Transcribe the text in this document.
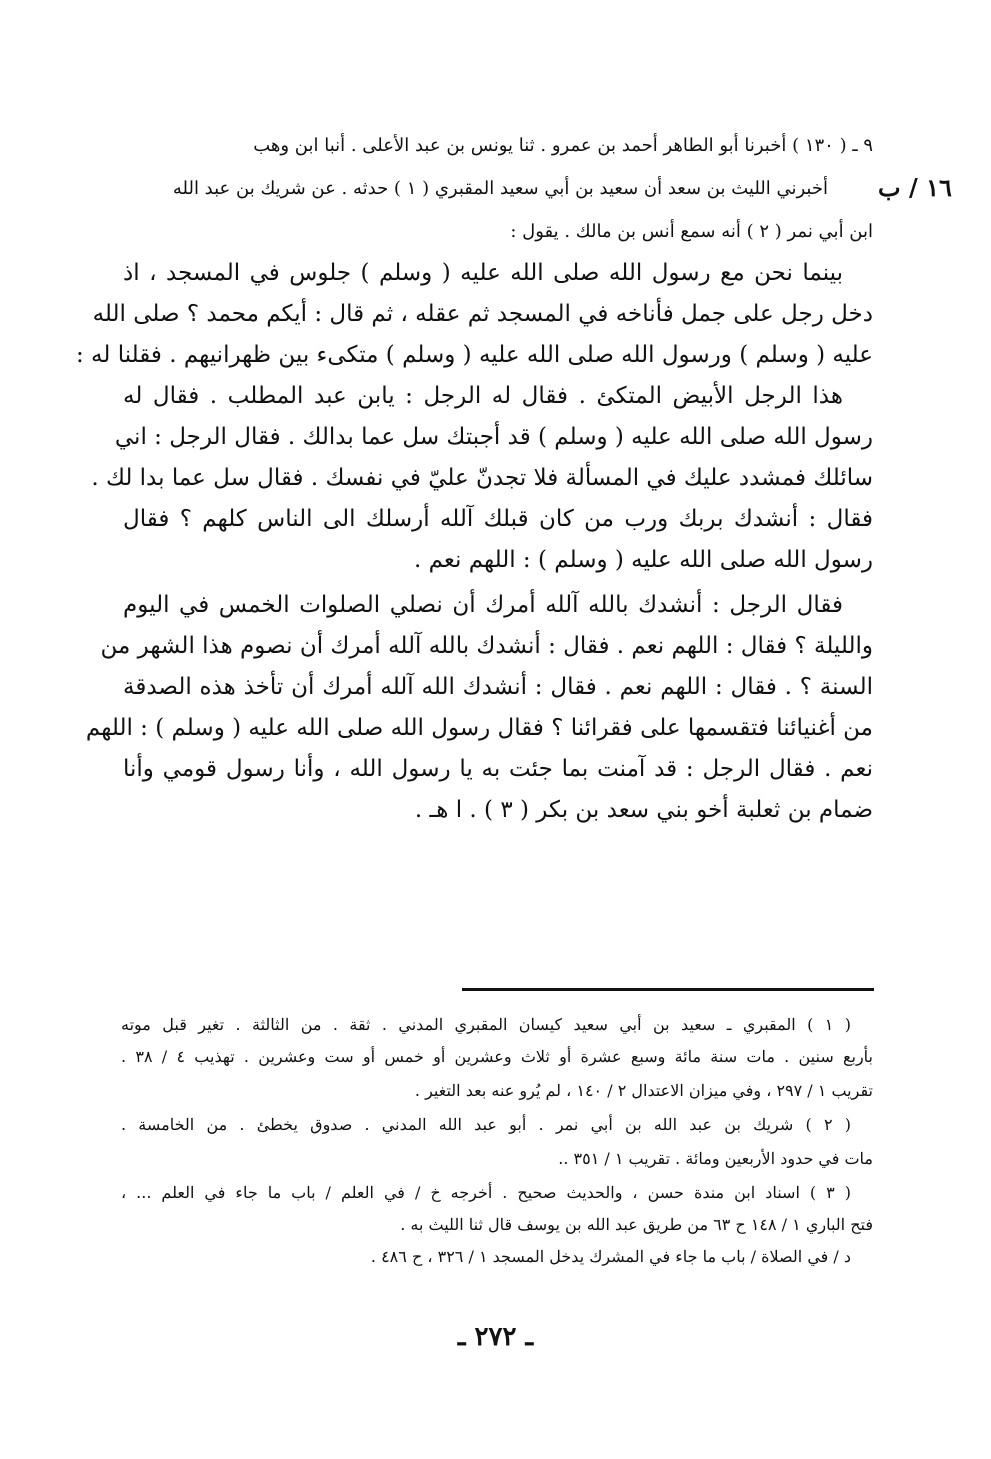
١٦ / ب
٩ ـ ( ١٣٠ ) أخبرنا أبو الطاهر أحمد بن عمرو . ثنا يونس بن عبد الأعلى . أنبا ابن وهب
أخبرني الليث بن سعد أن سعيد بن أبي سعيد المقبري ( ١ ) حدثه . عن شريك بن عبد الله
ابن أبي نمر ( ٢ ) أنه سمع أنس بن مالك . يقول :
بينما نحن مع رسول الله صلى الله عليه ( وسلم ) جلوس في المسجد ، اذ
دخل رجل على جمل فأناخه في المسجد ثم عقله ، ثم قال : أيكم محمد ؟ صلى الله
عليه ( وسلم ) ورسول الله صلى الله عليه ( وسلم ) متكىء بين ظهرانيهم . فقلنا له :
هذا الرجل الأبيض المتكئ . فقال له الرجل : يابن عبد المطلب . فقال له
رسول الله صلى الله عليه ( وسلم ) قد أجبتك سل عما بدالك . فقال الرجل : اني
سائلك فمشدد عليك في المسألة فلا تجدنّ عليّ في نفسك . فقال سل عما بدا لك .
فقال : أنشدك بربك ورب من كان قبلك آلله أرسلك الى الناس كلهم ؟ فقال
رسول الله صلى الله عليه ( وسلم ) : اللهم نعم .
فقال الرجل : أنشدك بالله آلله أمرك أن نصلي الصلوات الخمس في اليوم
والليلة ؟ فقال : اللهم نعم . فقال : أنشدك بالله آلله أمرك أن نصوم هذا الشهر من
السنة ؟ . فقال : اللهم نعم . فقال : أنشدك الله آلله أمرك أن تأخذ هذه الصدقة
من أغنيائنا فتقسمها على فقرائنا ؟ فقال رسول الله صلى الله عليه ( وسلم ) : اللهم
نعم . فقال الرجل : قد آمنت بما جئت به يا رسول الله ، وأنا رسول قومي وأنا
ضمام بن ثعلبة أخو بني سعد بن بكر ( ٣ ) . ا هـ .
( ١ ) المقبري ـ سعيد بن أبي سعيد كيسان المقبري المدني . ثقة . من الثالثة . تغير قبل موته
بأربع سنين . مات سنة مائة وسبع عشرة أو ثلاث وعشرين أو خمس أو ست وعشرين . تهذيب ٤ / ٣٨ .
تقريب ١ / ٢٩٧ ، وفي ميزان الاعتدال ٢ / ١٤٠ ، لم يُرو عنه بعد التغير .
( ٢ ) شريك بن عبد الله بن أبي نمر . أبو عبد الله المدني . صدوق يخطئ . من الخامسة .
مات في حدود الأربعين ومائة . تقريب ١ / ٣٥١ ..
( ٣ ) اسناد ابن مندة حسن ، والحديث صحيح . أخرجه خ / في العلم / باب ما جاء في العلم ... ،
فتح الباري ١ / ١٤٨ ح ٦٣ من طريق عبد الله بن يوسف قال ثنا الليث به .
د / في الصلاة / باب ما جاء في المشرك يدخل المسجد ١ / ٣٢٦ ، ح ٤٨٦ .
ـ ٢٧٢ ـ
